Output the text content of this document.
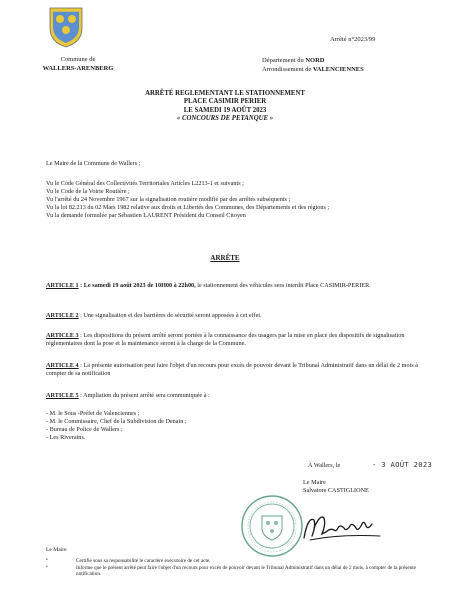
Commune de
WALLERS-ARENBERG
Arrêté n°2023/99
Département du NORD
Arrondissement de VALENCIENNES
ARRÊTÉ REGLEMENTANT LE STATIONNEMENT
PLACE CASIMIR PERIER
LE SAMEDI 19 AOÛT 2023
« CONCOURS DE PETANQUE »
Le Maire de la Commune de Wallers ;
Vu le Code Général des Collectivités Territoriales Articles L2213-1 et suivants ;
Vu le Code de la Voirie Routière ;
Vu l'arrêté du 24 Novembre 1967 sur la signalisation routière modifié par des arrêtés subséquents ;
Vu la loi 82.213 du 02 Mars 1982 relative aux droits et Libertés des Communes, des Départements et des régions ;
Vu la demande formulée par Sébastien LAURENT Président du Conseil Citoyen
ARRÊTE
ARTICLE 1 : Le samedi 19 août 2023 de 10H00 à 22h00, le stationnement des véhicules sera interdit Place CASIMIR-PERIER.
ARTICLE 2 : Une signalisation et des barrières de sécurité seront apposées à cet effet.
ARTICLE 3 : Les dispositions du présent arrêté seront portées à la connaissance des usagers par la mise en place des dispositifs de signalisation réglementaires dont la pose et la maintenance seront à la charge de la Commune.
ARTICLE 4 : La présente autorisation peut faire l'objet d'un recours pour excès de pouvoir devant le Tribunal Administratif dans un délai de 2 mois à compter de sa notification
ARTICLE 5 : Ampliation du présent arrêté sera communiquée à :
- M. le Sous -Préfet de Valenciennes ;
- M. le Commissaire, Chef de la Subdivision de Denain ;
- Bureau de Police de Wallers ;
- Les Riverains.
À Wallers, le	- 3 AOÛT 2023
Le Maire
Salvatore CASTIGLIONE
Le Maire
•	Certifie sous sa responsabilité le caractère exécutoire de cet acte,
•	Informe que le présent arrêté peut faire l'objet d'un recours pour excès de pouvoir devant le Tribunal Administratif dans un délai de 2 mois, à compter de la présente notification.
